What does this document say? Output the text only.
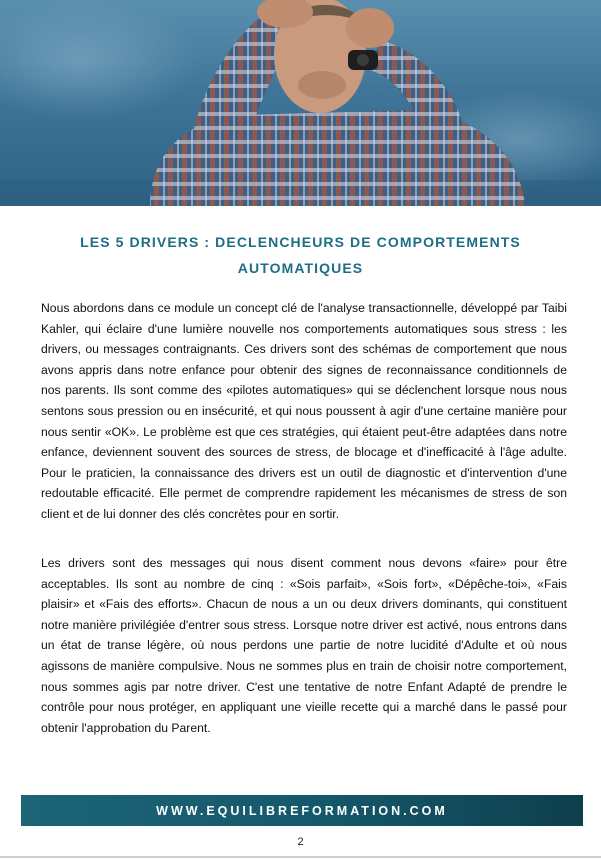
LES 5 DRIVERS : DECLENCHEURS DE COMPORTEMENTS AUTOMATIQUES

Nous abordons dans ce module un concept clé de l'analyse transactionnelle, développé par Taibi Kahler, qui éclaire d'une lumière nouvelle nos comportements automatiques sous stress : les drivers, ou messages contraignants. Ces drivers sont des schémas de comportement que nous avons appris dans notre enfance pour obtenir des signes de reconnaissance conditionnels de nos parents. Ils sont comme des «pilotes automatiques» qui se déclenchent lorsque nous nous sentons sous pression ou en insécurité, et qui nous poussent à agir d'une certaine manière pour nous sentir «OK». Le problème est que ces stratégies, qui étaient peut-être adaptées dans notre enfance, deviennent souvent des sources de stress, de blocage et d'inefficacité à l'âge adulte. Pour le praticien, la connaissance des drivers est un outil de diagnostic et d'intervention d'une redoutable efficacité. Elle permet de comprendre rapidement les mécanismes de stress de son client et de lui donner des clés concrètes pour en sortir.

Les drivers sont des messages qui nous disent comment nous devons «faire» pour être acceptables. Ils sont au nombre de cinq : «Sois parfait», «Sois fort», «Dépêche-toi», «Fais plaisir» et «Fais des efforts». Chacun de nous a un ou deux drivers dominants, qui constituent notre manière privilégiée d'entrer sous stress. Lorsque notre driver est activé, nous entrons dans un état de transe légère, où nous perdons une partie de notre lucidité d'Adulte et où nous agissons de manière compulsive. Nous ne sommes plus en train de choisir notre comportement, nous sommes agis par notre driver. C'est une tentative de notre Enfant Adapté de prendre le contrôle pour nous protéger, en appliquant une vieille recette qui a marché dans le passé pour obtenir l'approbation du Parent.

WWW.EQUILIBREFORMATION.COM
2
